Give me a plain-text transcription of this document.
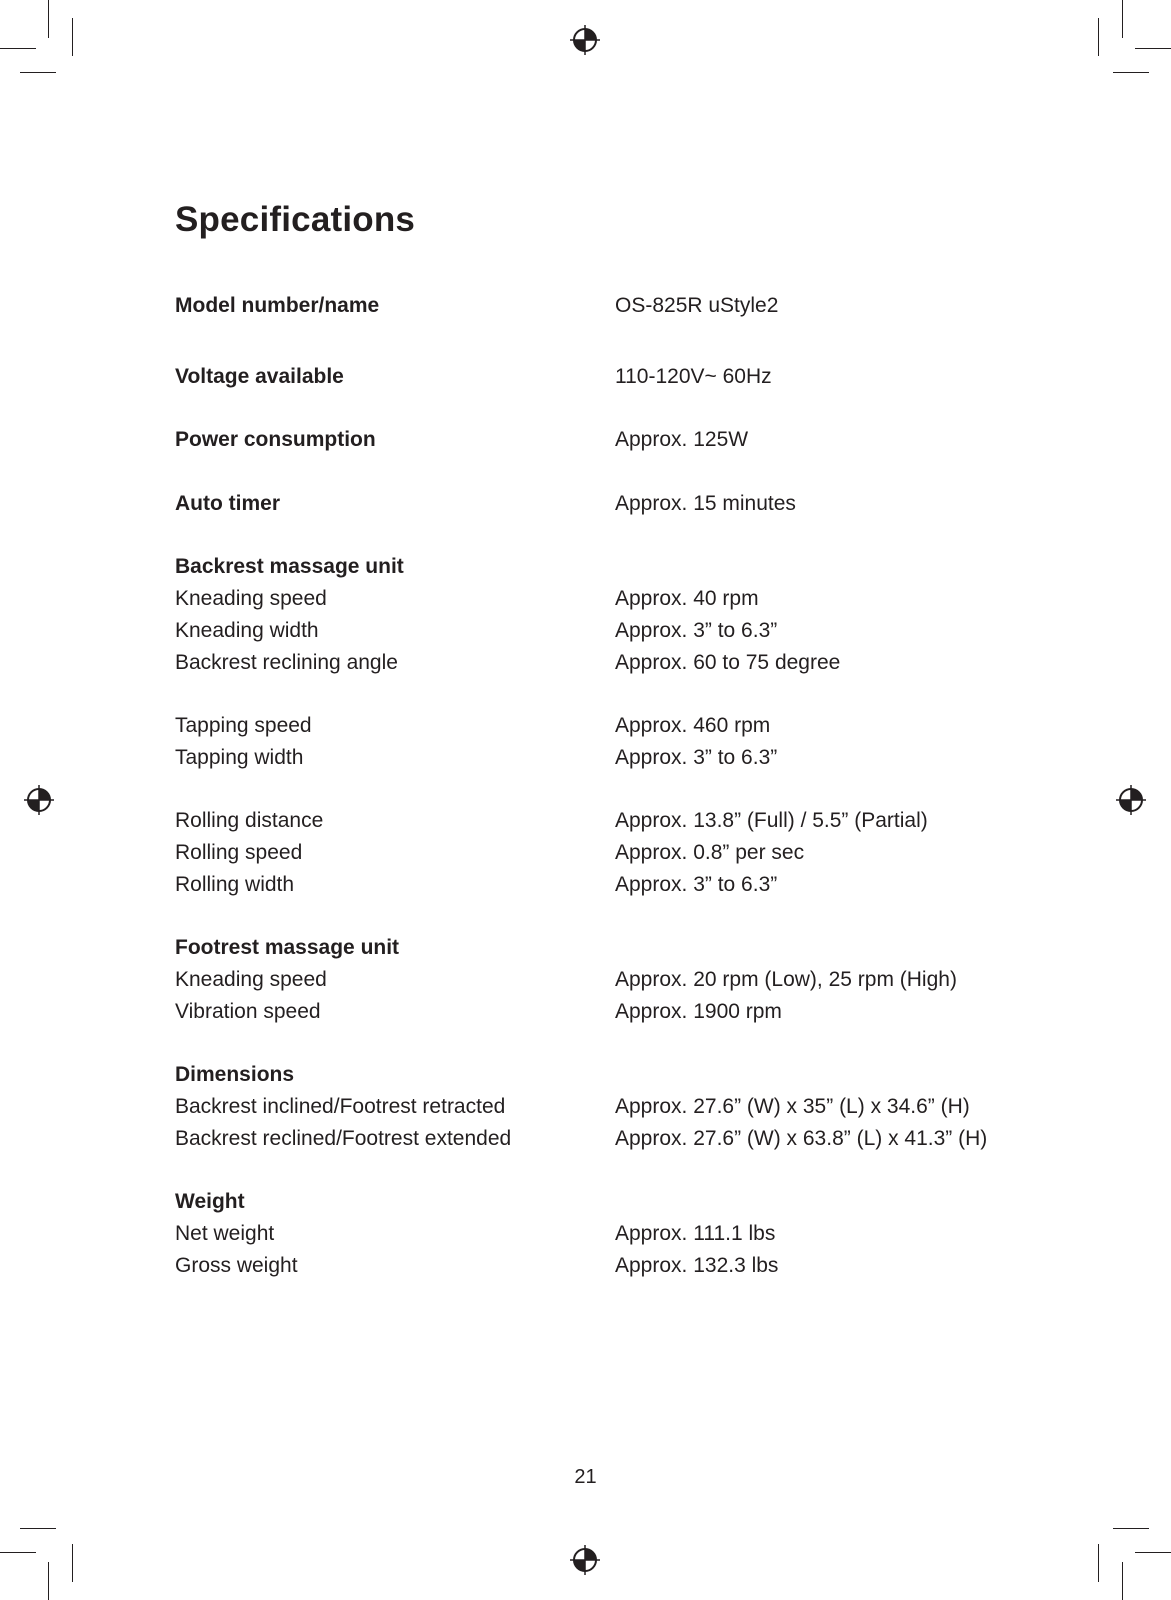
Specifications
Model number/name	OS-825R uStyle2
Voltage available	110-120V~ 60Hz
Power consumption	Approx. 125W
Auto timer	Approx. 15 minutes
Backrest massage unit
Kneading speed	Approx. 40 rpm
Kneading width	Approx. 3” to 6.3”
Backrest reclining angle	Approx. 60 to 75 degree
Tapping speed	Approx. 460 rpm
Tapping width	Approx. 3” to 6.3”
Rolling distance	Approx. 13.8” (Full) / 5.5” (Partial)
Rolling speed	Approx. 0.8” per sec
Rolling width	Approx. 3” to 6.3”
Footrest massage unit
Kneading speed	Approx. 20 rpm (Low), 25 rpm (High)
Vibration speed	Approx. 1900 rpm
Dimensions
Backrest inclined/Footrest retracted	Approx. 27.6” (W) x 35” (L) x 34.6” (H)
Backrest reclined/Footrest extended	Approx. 27.6” (W) x 63.8” (L) x 41.3” (H)
Weight
Net weight	Approx. 111.1 lbs
Gross weight	Approx. 132.3 lbs
21
